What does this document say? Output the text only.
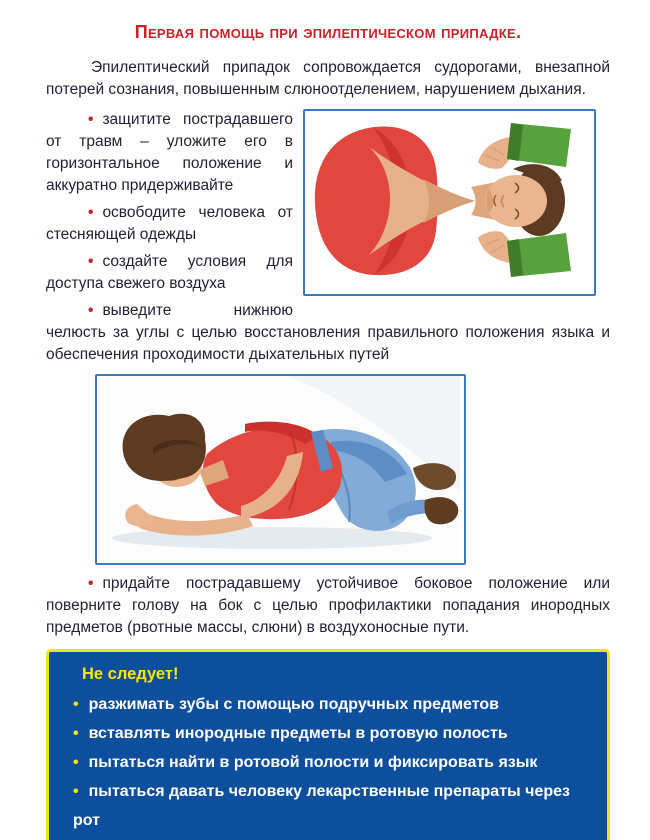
Первая помощь при эпилептическом припадке.

Эпилептический припадок сопровождается судорогами, внезапной потерей сознания, повышенным слюноотделением, нарушением дыхания.

• защитите пострадавшего от травм – уложите его в горизонтальное положение и аккуратно придерживайте

• освободите человека от стесняющей одежды

• создайте условия для доступа свежего воздуха

• выведите нижнюю челюсть за углы с целью восстановления правильного положения языка и обеспечения проходимости дыхательных путей

• придайте пострадавшему устойчивое боковое положение или поверните голову на бок с целью профилактики попадания инородных предметов (рвотные массы, слюни) в воздухоносные пути.

Не следует!

• разжимать зубы с помощью подручных предметов

• вставлять инородные предметы в ротовую полость

• пытаться найти в ротовой полости и фиксировать язык

• пытаться давать человеку лекарственные препараты через рот
